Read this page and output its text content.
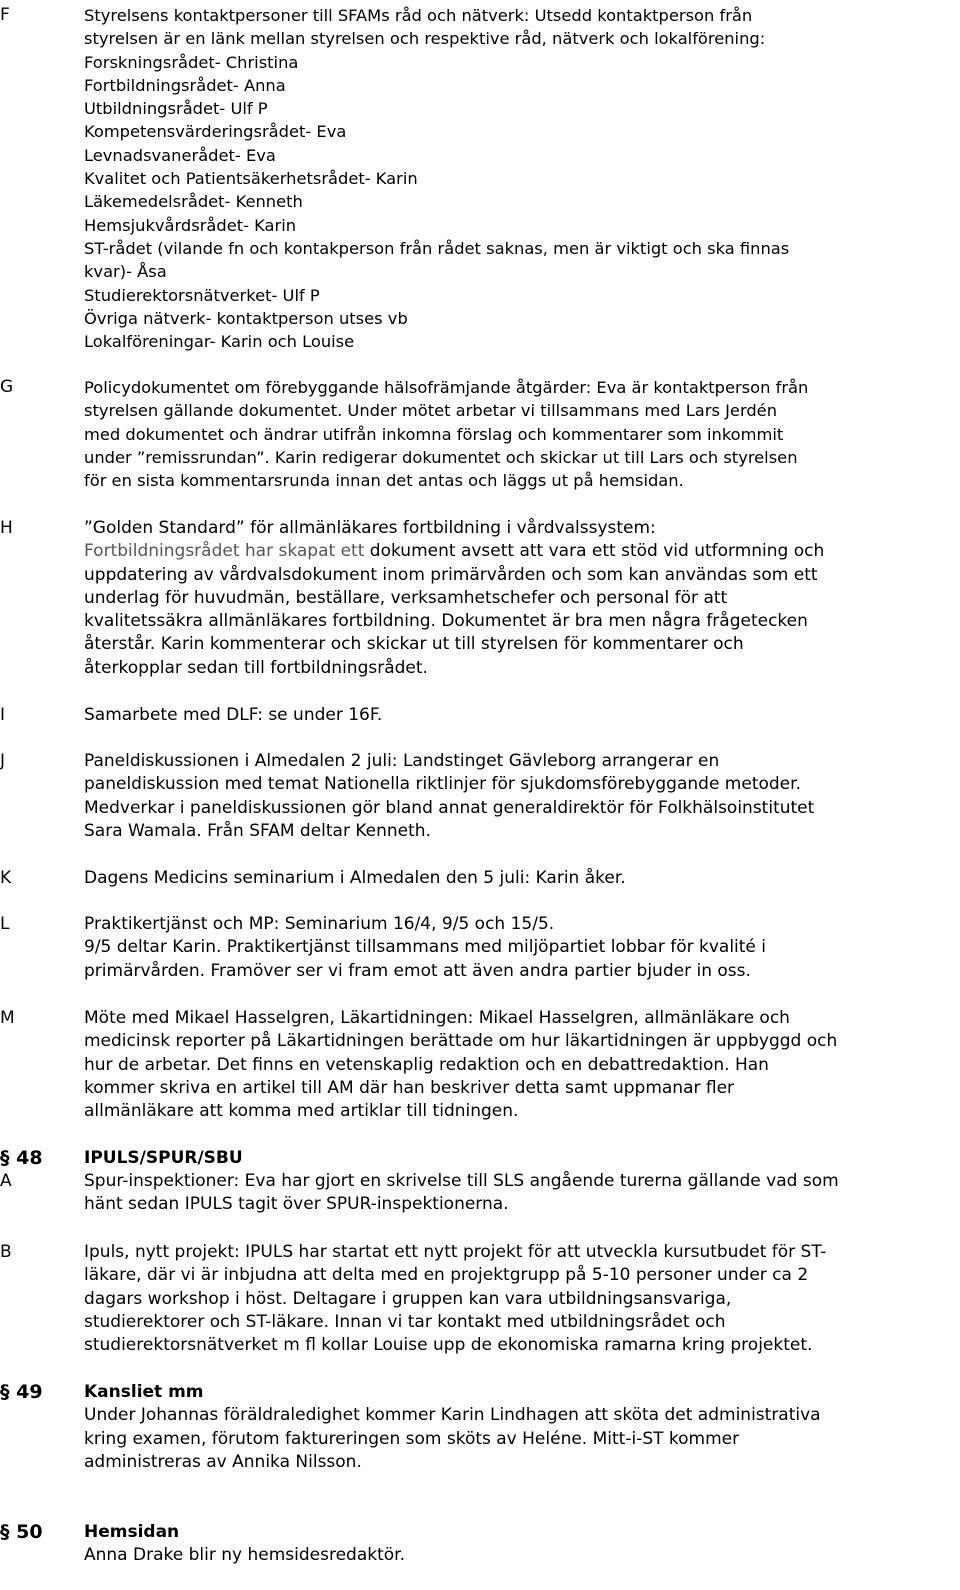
F	Styrelsens kontaktpersoner till SFAMs råd och nätverk: Utsedd kontaktperson från
styrelsen är en länk mellan styrelsen och respektive råd, nätverk och lokalförening:
Forskningsrådet- Christina
Fortbildningsrådet- Anna
Utbildningsrådet- Ulf P
Kompetensvärderingsrådet- Eva
Levnadsvanerådet- Eva
Kvalitet och Patientsäkerhetsrådet- Karin
Läkemedelsrådet- Kenneth
Hemsjukvårdsrådet- Karin
ST-rådet (vilande fn och kontakperson från rådet saknas, men är viktigt och ska finnas
kvar)- Åsa
Studierektorsnätverket- Ulf P
Övriga nätverk- kontaktperson utses vb
Lokalföreningar- Karin och Louise
G	Policydokumentet om förebyggande hälsofrämjande åtgärder: Eva är kontaktperson från
styrelsen gällande dokumentet. Under mötet arbetar vi tillsammans med Lars Jerdén
med dokumentet och ändrar utifrån inkomna förslag och kommentarer som inkommit
under ”remissrundan”. Karin redigerar dokumentet och skickar ut till Lars och styrelsen
för en sista kommentarsrunda innan det antas och läggs ut på hemsidan.
H	”Golden Standard” för allmänläkares fortbildning i vårdvalssystem:
Fortbildningsrådet har skapat ett dokument avsett att vara ett stöd vid utformning och
uppdatering av vårdvalsdokument inom primärvården och som kan användas som ett
underlag för huvudmän, beställare, verksamhetschefer och personal för att
kvalitetssäkra allmänläkares fortbildning. Dokumentet är bra men några frågetecken
återstår. Karin kommenterar och skickar ut till styrelsen för kommentarer och
återkopplar sedan till fortbildningsrådet.
I	Samarbete med DLF: se under 16F.
J	Paneldiskussionen i Almedalen 2 juli: Landstinget Gävleborg arrangerar en
paneldiskussion med temat Nationella riktlinjer för sjukdomsförebyggande metoder.
Medverkar i paneldiskussionen gör bland annat generaldirektör för Folkhälsoinstitutet
Sara Wamala. Från SFAM deltar Kenneth.
K	Dagens Medicins seminarium i Almedalen den 5 juli: Karin åker.
L	Praktikertjänst och MP: Seminarium 16/4, 9/5 och 15/5.
9/5 deltar Karin. Praktikertjänst tillsammans med miljöpartiet lobbar för kvalité i
primärvården. Framöver ser vi fram emot att även andra partier bjuder in oss.
M	Möte med Mikael Hasselgren, Läkartidningen: Mikael Hasselgren, allmänläkare och
medicinsk reporter på Läkartidningen berättade om hur läkartidningen är uppbyggd och
hur de arbetar. Det finns en vetenskaplig redaktion och en debattredaktion. Han
kommer skriva en artikel till AM där han beskriver detta samt uppmanar fler
allmänläkare att komma med artiklar till tidningen.
§ 48	IPULS/SPUR/SBU
A	Spur-inspektioner: Eva har gjort en skrivelse till SLS angående turerna gällande vad som
hänt sedan IPULS tagit över SPUR-inspektionerna.
B	Ipuls, nytt projekt: IPULS har startat ett nytt projekt för att utveckla kursutbudet för ST-
läkare, där vi är inbjudna att delta med en projektgrupp på 5-10 personer under ca 2
dagars workshop i höst. Deltagare i gruppen kan vara utbildningsansvariga,
studierektorer och ST-läkare. Innan vi tar kontakt med utbildningsrådet och
studierektorsnätverket m fl kollar Louise upp de ekonomiska ramarna kring projektet.
§ 49	Kansliet mm
Under Johannas föräldraledighet kommer Karin Lindhagen att sköta det administrativa
kring examen, förutom faktureringen som sköts av Heléne. Mitt-i-ST kommer
administreras av Annika Nilsson.
§ 50	Hemsidan
Anna Drake blir ny hemsidesredaktör.
